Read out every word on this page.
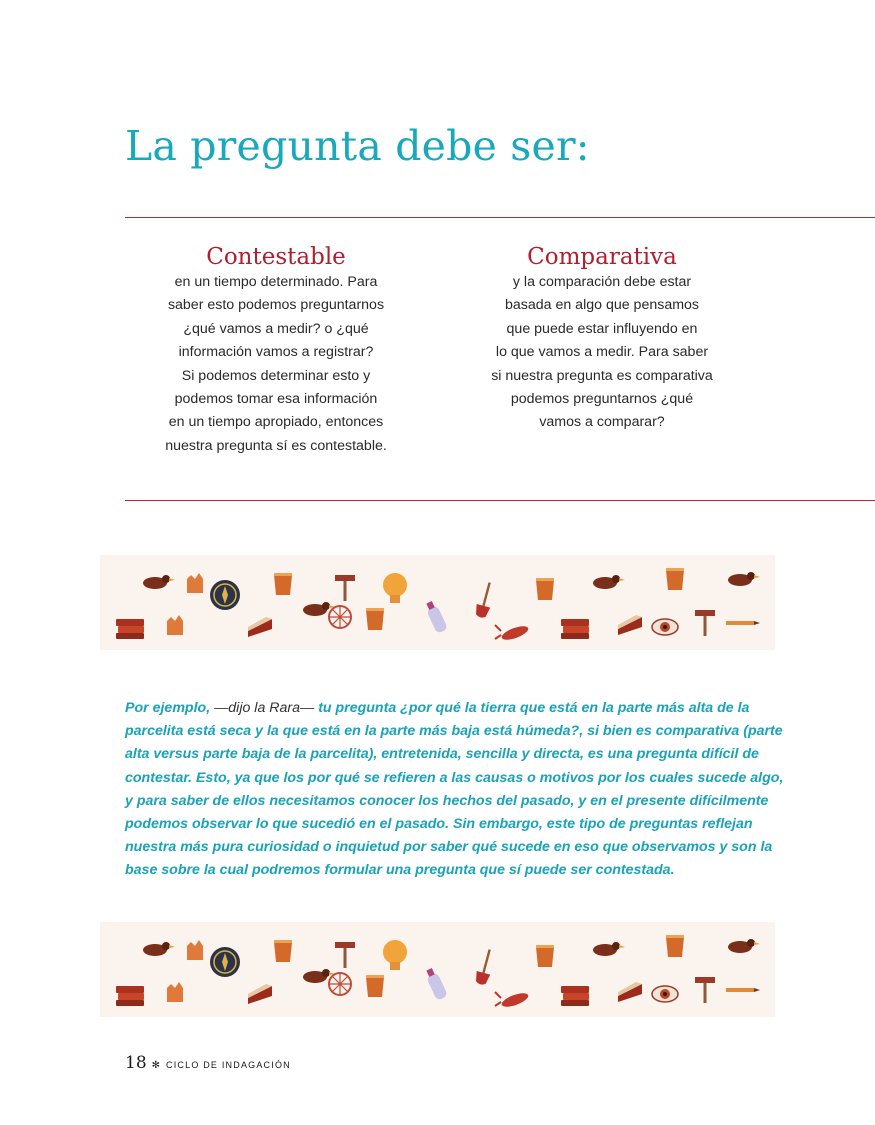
La pregunta debe ser:
Contestable

en un tiempo determinado. Para
saber esto podemos preguntarnos
¿qué vamos a medir? o ¿qué
información vamos a registrar?
Si podemos determinar esto y
podemos tomar esa información
en un tiempo apropiado, entonces
nuestra pregunta sí es contestable.

Comparativa

y la comparación debe estar
basada en algo que pensamos
que puede estar influyendo en
lo que vamos a medir. Para saber
si nuestra pregunta es comparativa
podemos preguntarnos ¿qué
vamos a comparar?

Por ejemplo, —dijo la Rara— tu pregunta ¿por qué la tierra que está en la parte más alta de la
parcelita está seca y la que está en la parte más baja está húmeda?, si bien es comparativa (parte
alta versus parte baja de la parcelita), entretenida, sencilla y directa, es una pregunta difícil de
contestar. Esto, ya que los por qué se refieren a las causas o motivos por los cuales sucede algo,
y para saber de ellos necesitamos conocer los hechos del pasado, y en el presente difícilmente
podemos observar lo que sucedió en el pasado. Sin embargo, este tipo de preguntas reflejan
nuestra más pura curiosidad o inquietud por saber qué sucede en eso que observamos y son la
base sobre la cual podremos formular una pregunta que sí puede ser contestada.

18 ✻ CICLO DE INDAGACIÓN
